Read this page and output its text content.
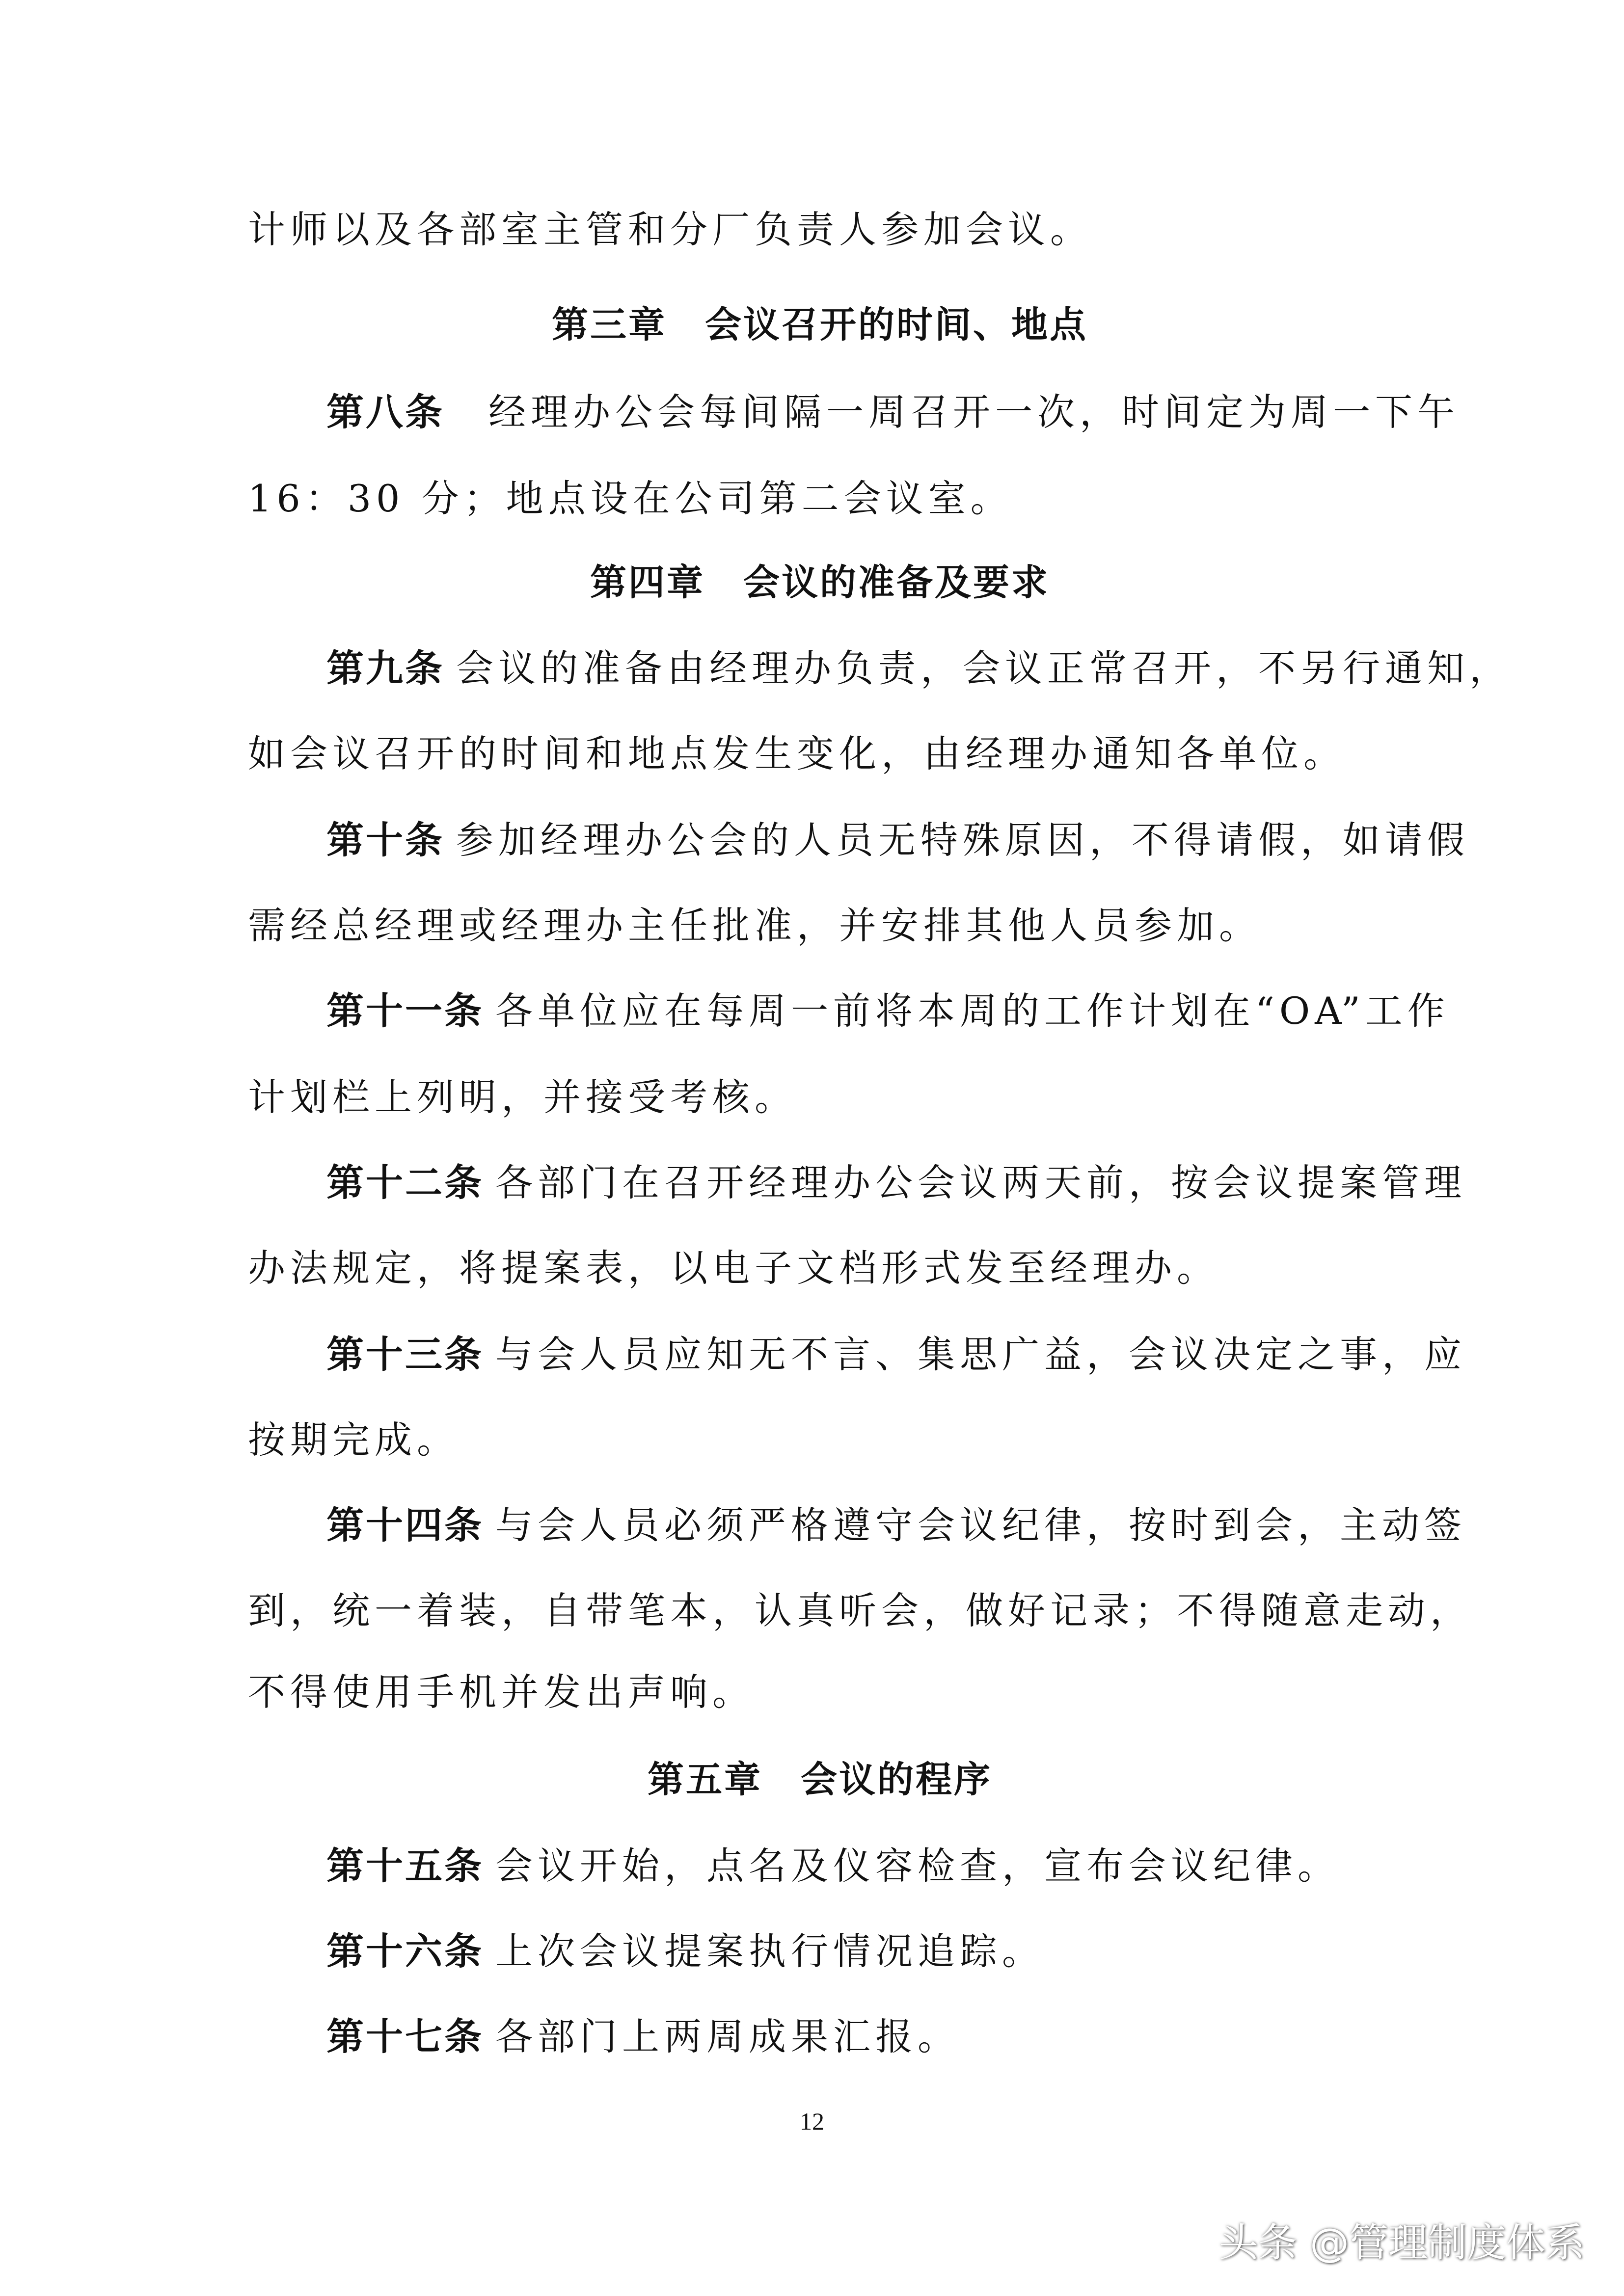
计师以及各部室主管和分厂负责人参加会议。
第三章　会议召开的时间、地点
第八条 经理办公会每间隔一周召开一次，时间定为周一下午
16：30 分；地点设在公司第二会议室。
第四章　会议的准备及要求
第九条 会议的准备由经理办负责，会议正常召开，不另行通知，
如会议召开的时间和地点发生变化，由经理办通知各单位。
第十条 参加经理办公会的人员无特殊原因，不得请假，如请假
需经总经理或经理办主任批准，并安排其他人员参加。
第十一条 各单位应在每周一前将本周的工作计划在“OA”工作
计划栏上列明，并接受考核。
第十二条 各部门在召开经理办公会议两天前，按会议提案管理
办法规定，将提案表，以电子文档形式发至经理办。
第十三条 与会人员应知无不言、集思广益，会议决定之事，应
按期完成。
第十四条 与会人员必须严格遵守会议纪律，按时到会，主动签
到，统一着装，自带笔本，认真听会，做好记录；不得随意走动，
不得使用手机并发出声响。
第五章　会议的程序
第十五条 会议开始，点名及仪容检查，宣布会议纪律。
第十六条 上次会议提案执行情况追踪。
第十七条 各部门上两周成果汇报。
12
头条 @管理制度体系
